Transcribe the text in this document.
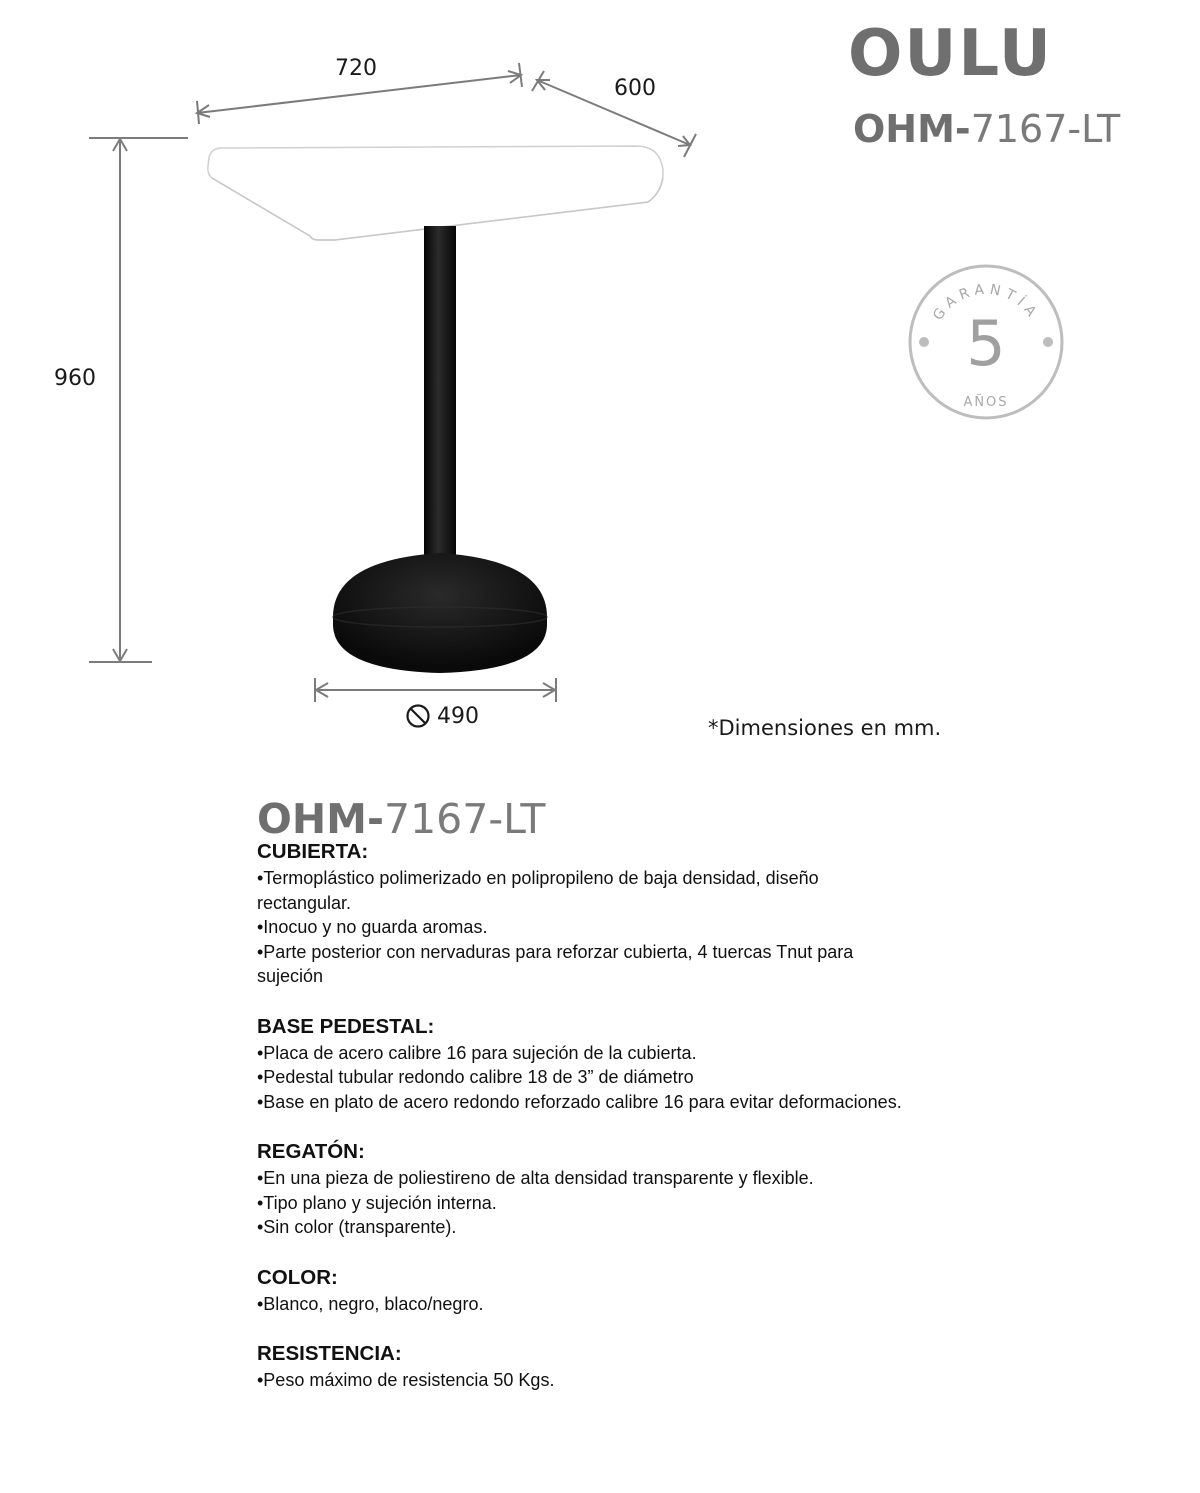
720
600
960
490	*Dimensiones en mm.
OULU
OHM-7167-LT
GARANTÍA
5
AÑOS
OHM-7167-LT
CUBIERTA:

•Termoplástico polimerizado en polipropileno de baja densidad, diseño rectangular.

•Inocuo y no guarda aromas.

•Parte posterior con nervaduras para reforzar cubierta, 4 tuercas Tnut para sujeción

BASE PEDESTAL:

•Placa de acero calibre 16 para sujeción de la cubierta.

•Pedestal tubular redondo calibre 18 de 3” de diámetro

•Base en plato de acero redondo reforzado calibre 16 para evitar deformaciones.

REGATÓN:

•En una pieza de poliestireno de alta densidad transparente y flexible.

•Tipo plano y sujeción interna.

•Sin color (transparente).

COLOR:

•Blanco, negro, blaco/negro.

RESISTENCIA:

•Peso máximo de resistencia 50 Kgs.
